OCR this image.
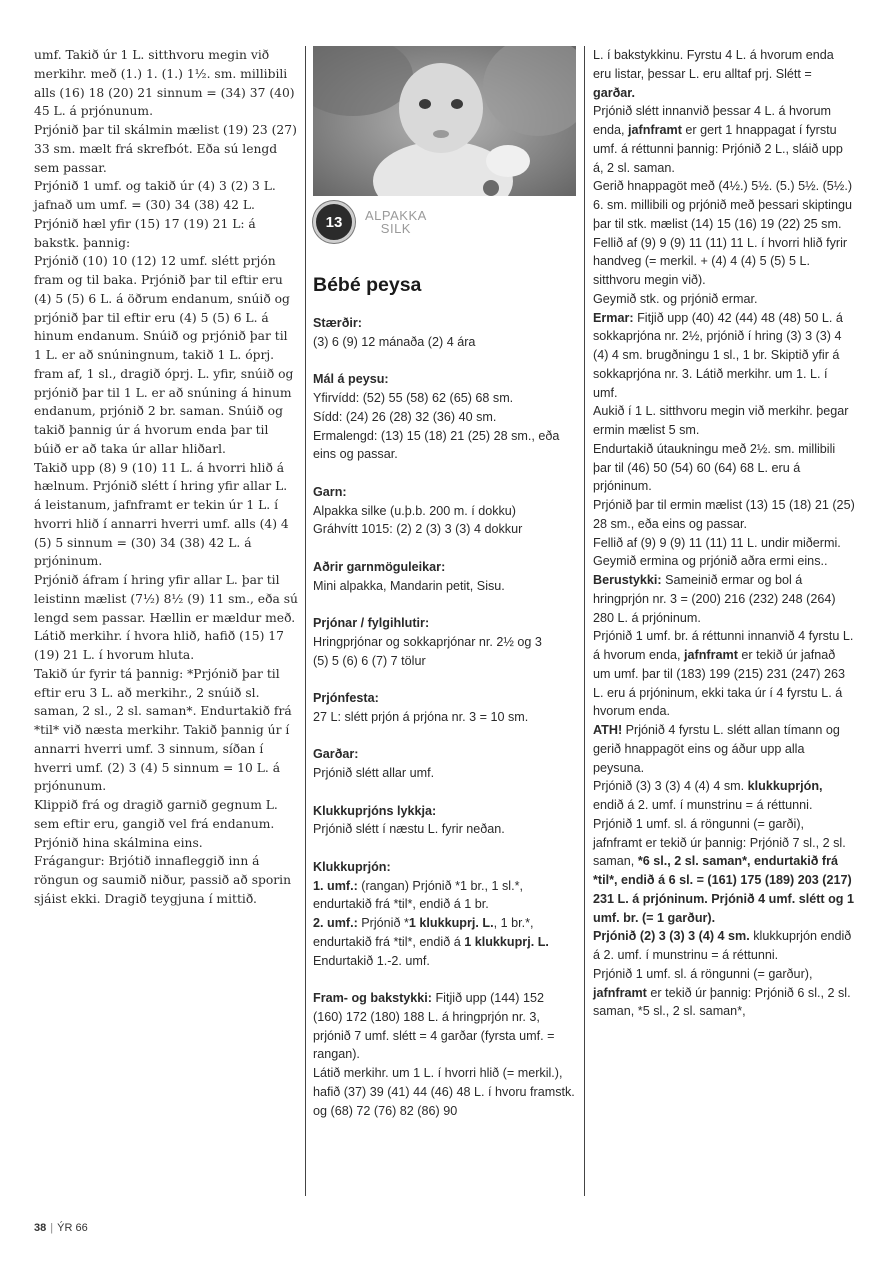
umf. Takið úr 1 L. sitthvoru megin við merkihr. með (1.) 1. (1.) 1½. sm. millibili alls (16) 18 (20) 21 sinnum = (34) 37 (40) 45 L. á prjónunum.

Prjónið þar til skálmin mælist (19) 23 (27) 33 sm. mælt frá skrefbót. Eða sú lengd sem passar.

Prjónið 1 umf. og takið úr (4) 3 (2) 3 L. jafnað um umf. = (30) 34 (38) 42 L. Prjónið hæl yfir (15) 17 (19) 21 L: á bakstk. þannig:

Prjónið (10) 10 (12) 12 umf. slétt prjón fram og til baka. Prjónið þar til eftir eru (4) 5 (5) 6 L. á öðrum endanum, snúið og prjónið þar til eftir eru (4) 5 (5) 6 L. á hinum endanum. Snúið og prjónið þar til 1 L. er að snúningnum, takið 1 L. óprj. fram af, 1 sl., dragið óprj. L. yfir, snúið og prjónið þar til 1 L. er að snúning á hinum endanum, prjónið 2 br. saman. Snúið og takið þannig úr á hvorum enda þar til búið er að taka úr allar hliðarl.

Takið upp (8) 9 (10) 11 L. á hvorri hlið á hælnum. Prjónið slétt í hring yfir allar L. á leistanum, jafnframt er tekin úr 1 L. í hvorri hlið í annarri hverri umf. alls (4) 4 (5) 5 sinnum = (30) 34 (38) 42 L. á prjóninum.

Prjónið áfram í hring yfir allar L. þar til leistinn mælist (7½) 8½ (9) 11 sm., eða sú lengd sem passar. Hællin er mældur með.

Látið merkihr. í hvora hlið, hafið (15) 17 (19) 21 L. í hvorum hluta.

Takið úr fyrir tá þannig: *Prjónið þar til eftir eru 3 L. að merkihr., 2 snúið sl. saman, 2 sl., 2 sl. saman*. Endurtakið frá *til* við næsta merkihr. Takið þannig úr í annarri hverri umf. 3 sinnum, síðan í hverri umf. (2) 3 (4) 5 sinnum = 10 L. á prjónunum.

Klippið frá og dragið garnið gegnum L. sem eftir eru, gangið vel frá endanum. Prjónið hina skálmina eins.

Frágangur: Brjótið innafleggið inn á röngun og saumið niður, passið að sporin sjáist ekki. Dragið teygjuna í mittið.

13	ALPAKKA
SILK
Bébé peysa
Stærðir:
(3) 6 (9) 12 mánaða (2) 4 ára
Mál á peysu:
Yfirvídd: (52) 55 (58) 62 (65) 68 sm.
Sídd: (24) 26 (28) 32 (36) 40 sm.
Ermalengd: (13) 15 (18) 21 (25) 28 sm., eða eins og passar.
Garn:
Alpakka silke (u.þ.b. 200 m. í dokku)
Gráhvítt 1015: (2) 2 (3) 3 (3) 4 dokkur
Aðrir garnmöguleikar:
Mini alpakka, Mandarin petit, Sisu.
Prjónar / fylgihlutir:
Hringprjónar og sokkaprjónar nr. 2½ og 3
(5) 5 (6) 6 (7) 7 tölur
Prjónfesta:
27 L: slétt prjón á prjóna nr. 3 = 10 sm.
Garðar:
Prjónið slétt allar umf.
Klukkuprjóns lykkja:
Prjónið slétt í næstu L. fyrir neðan.
Klukkuprjón:
1. umf.: (rangan) Prjónið *1 br., 1 sl.*, endurtakið frá *til*, endið á 1 br.
2. umf.: Prjónið *1 klukkuprj. L., 1 br.*, endurtakið frá *til*, endið á 1 klukkuprj. L.
Endurtakið 1.-2. umf.
Fram- og bakstykki: Fitjið upp (144) 152 (160) 172 (180) 188 L. á hringprjón nr. 3, prjónið 7 umf. slétt = 4 garðar (fyrsta umf. = rangan).
Látið merkihr. um 1 L. í hvorri hlið (= merkil.), hafið (37) 39 (41) 44 (46) 48 L. í hvoru framstk. og (68) 72 (76) 82 (86) 90

L. í bakstykkinu. Fyrstu 4 L. á hvorum enda eru listar, þessar L. eru alltaf prj. Slétt = garðar.

Prjónið slétt innanvið þessar 4 L. á hvorum enda, jafnframt er gert 1 hnappagat í fyrstu umf. á réttunni þannig: Prjónið 2 L., sláið upp á, 2 sl. saman.

Gerið hnappagöt með (4½.) 5½. (5.) 5½. (5½.) 6. sm. millibili og prjónið með þessari skiptingu þar til stk. mælist (14) 15 (16) 19 (22) 25 sm. Fellið af (9) 9 (9) 11 (11) 11 L. í hvorri hlið fyrir handveg (= merkil. + (4) 4 (4) 5 (5) 5 L. sitthvoru megin við).

Geymið stk. og prjónið ermar.

Ermar: Fitjið upp (40) 42 (44) 48 (48) 50 L. á sokkaprjóna nr. 2½, prjónið í hring (3) 3 (3) 4 (4) 4 sm. brugðningu 1 sl., 1 br. Skiptið yfir á sokkaprjóna nr. 3. Látið merkihr. um 1. L. í umf.

Aukið í 1 L. sitthvoru megin við merkihr. þegar ermin mælist 5 sm.

Endurtakið útaukningu með 2½. sm. millibili þar til (46) 50 (54) 60 (64) 68 L. eru á prjóninum.

Prjónið þar til ermin mælist (13) 15 (18) 21 (25) 28 sm., eða eins og passar.

Fellið af (9) 9 (9) 11 (11) 11 L. undir miðermi.

Geymið ermina og prjónið aðra ermi eins..

Berustykki: Sameinið ermar og bol á hringprjón nr. 3 = (200) 216 (232) 248 (264) 280 L. á prjóninum.

Prjónið 1 umf. br. á réttunni innanvið 4 fyrstu L. á hvorum enda, jafnframt er tekið úr jafnað um umf. þar til (183) 199 (215) 231 (247) 263 L. eru á prjóninum, ekki taka úr í 4 fyrstu L. á hvorum enda.

ATH! Prjónið 4 fyrstu L. slétt allan tímann og gerið hnappagöt eins og áður upp alla peysuna.

Prjónið (3) 3 (3) 4 (4) 4 sm. klukkuprjón, endið á 2. umf. í munstrinu = á réttunni.

Prjónið 1 umf. sl. á röngunni (= garði), jafnframt er tekið úr þannig: Prjónið 7 sl., 2 sl. saman, *6 sl., 2 sl. saman*, endurtakið frá *til*, endið á 6 sl. = (161) 175 (189) 203 (217) 231 L. á prjóninum. Prjónið 4 umf. slétt og 1 umf. br. (= 1 garður).

Prjónið (2) 3 (3) 3 (4) 4 sm. klukkuprjón endið á 2. umf. í munstrinu = á réttunni.

Prjónið 1 umf. sl. á röngunni (= garður), jafnframt er tekið úr þannig: Prjónið 6 sl., 2 sl. saman, *5 sl., 2 sl. saman*,

38 | ÝR 66
